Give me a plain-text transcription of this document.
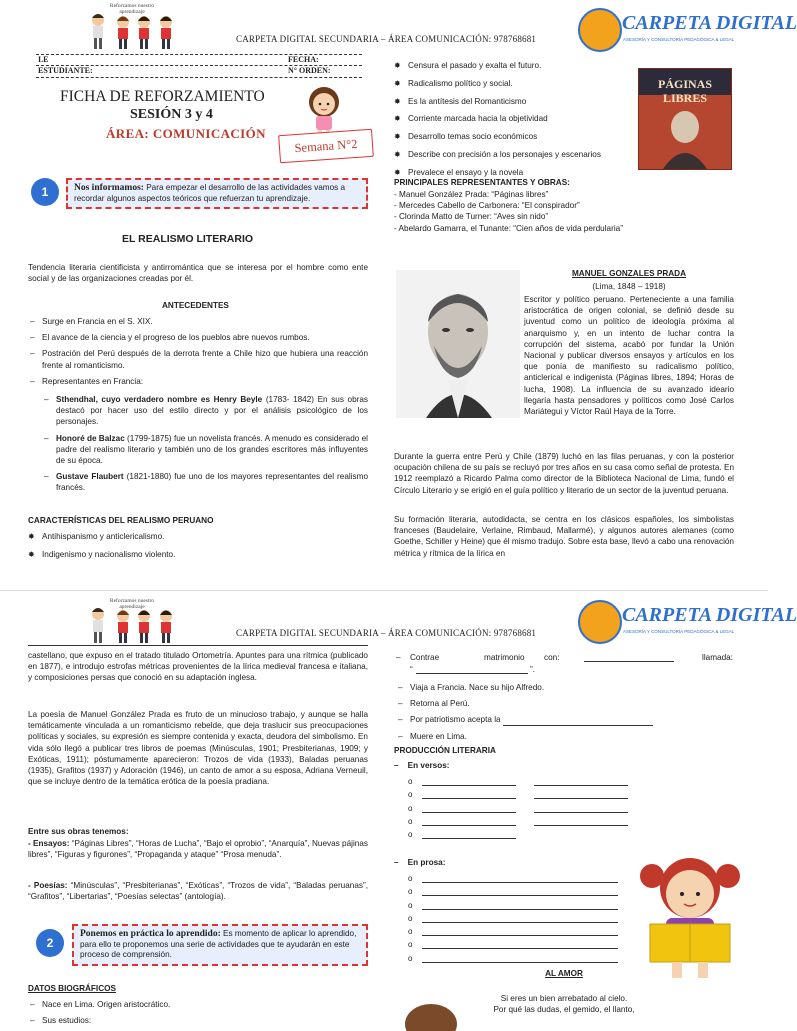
Reforzamos nuestro
aprendizaje
CARPETA DIGITAL SECUNDARIA – ÁREA COMUNICACIÓN: 978768681
CARPETA DIGITAL
ASESORÍA Y CONSULTORÍA PEDAGÓGICA & LEGAL
I.E	FECHA:
ESTUDIANTE:	N° ORDEN:
FICHA DE REFORZAMIENTO
SESIÓN 3 y 4
ÁREA: COMUNICACIÓN
Semana N°2
1	Nos informamos: Para empezar el desarrollo de las actividades vamos a recordar algunos aspectos teóricos que refuerzan tu aprendizaje.
EL REALISMO LITERARIO
Tendencia literaria cientificista y antirromántica que se interesa por el hombre como ente social y de las organizaciones creadas por él.
ANTECEDENTES
– Surge en Francia en el S. XIX.
– El avance de la ciencia y el progreso de los pueblos abre nuevos rumbos.
– Postración del Perú después de la derrota frente a Chile hizo que hubiera una reacción frente al romanticismo.
– Representantes en Francia:
– Sthendhal, cuyo verdadero nombre es Henry Beyle (1783- 1842) En sus obras destacó por hacer uso del estilo directo y por el análisis psicológico de los personajes.
– Honoré de Balzac (1799-1875) fue un novelista francés. A menudo es considerado el padre del realismo literario y también uno de los grandes escritores más influyentes de su época.
– Gustave Flaubert (1821-1880) fue uno de los mayores representantes del realismo francés.
CARACTERÍSTICAS DEL REALISMO PERUANO
✸ Antihispanismo y anticlericalismo.
✸ Indigenismo y nacionalismo violento.
✸ Censura el pasado y exalta el futuro.
✸ Radicalismo político y social.
✸ Es la antítesis del Romanticismo
✸ Corriente marcada hacia la objetividad
✸ Desarrollo temas socio económicos
✸ Describe con precisión a los personajes y escenarios
✸ Prevalece el ensayo y la novela
PÁGINAS LIBRES
PRINCIPALES REPRESENTANTES Y OBRAS:
- Manuel González Prada: “Páginas libres”
- Mercedes Cabello de Carbonera: “El conspirador”
- Clorinda Matto de Turner: “Aves sin nido”
- Abelardo Gamarra, el Tunante: “Cien años de vida perdularia”
MANUEL GONZALES PRADA
(Lima, 1848 – 1918)
Escritor y político peruano. Perteneciente a una familia aristocrática de origen colonial, se definió desde su juventud como un político de ideología próxima al anarquismo y, en un intento de luchar contra la corrupción del sistema, acabó por fundar la Unión Nacional y publicar diversos ensayos y artículos en los que ponía de manifiesto su radicalismo político, anticlerical e indigenista (Páginas libres, 1894; Horas de lucha, 1908). La influencia de su avanzado ideario llegaría hasta pensadores y políticos como José Carlos Mariátegui y Víctor Raúl Haya de la Torre.
Durante la guerra entre Perú y Chile (1879) luchó en las filas peruanas, y con la posterior ocupación chilena de su país se recluyó por tres años en su casa como señal de protesta. En 1912 reemplazó a Ricardo Palma como director de la Biblioteca Nacional de Lima, fundó el Círculo Literario y se erigió en el guía político y literario de un sector de la juventud peruana.
Su formación literaria, autodidacta, se centra en los clásicos españoles, los simbolistas franceses (Baudelaire, Verlaine, Rimbaud, Mallarmé), y algunos autores alemanes (como Goethe, Schiller y Heine) que él mismo tradujo. Sobre esta base, llevó a cabo una renovación métrica y rítmica de la lírica en
Reforzamos nuestro
aprendizaje
CARPETA DIGITAL SECUNDARIA – ÁREA COMUNICACIÓN: 978768681
CARPETA DIGITAL
ASESORÍA Y CONSULTORÍA PEDAGÓGICA & LEGAL
castellano, que expuso en el tratado titulado Ortometría. Apuntes para una rítmica (publicado en 1877), e introdujo estrofas métricas provenientes de la lírica medieval francesa e italiana, y composiciones persas que conoció en su adaptación inglesa.
La poesía de Manuel González Prada es fruto de un minucioso trabajo, y aunque se halla temáticamente vinculada a un romanticismo rebelde, que deja traslucir sus preocupaciones políticas y sociales, su expresión es siempre contenida y exacta, deudora del simbolismo. En vida sólo llegó a publicar tres libros de poemas (Minúsculas, 1901; Presbiterianas, 1909; y Exóticas, 1911); póstumamente aparecieron: Trozos de vida (1933), Baladas peruanas (1935), Grafitos (1937) y Adoración (1946), un canto de amor a su esposa, Adriana Verneuil, que se incluye dentro de la temática erótica de la poesía pradiana.
Entre sus obras tenemos:
- Ensayos: “Páginas Libres”, “Horas de Lucha”, “Bajo el oprobio”, “Anarquía”, Nuevas pájinas libres”, “Figuras y figurones”, “Propaganda y ataque” “Prosa menuda”.
- Poesías: “Minúsculas”, “Presbiterianas”, “Exóticas”, “Trozos de vida”, “Baladas peruanas”, “Grafitos”, “Libertarias”, “Poesías selectas” (antología).
2
Ponemos en práctica lo aprendido: Es momento de aplicar lo aprendido, para ello te proponemos una serie de actividades que te ayudarán en este proceso de comprensión.
DATOS BIOGRÁFICOS
– Nace en Lima. Origen aristocrático.
– Sus estudios:
– Contrae	matrimonio con:	llamada:
“	”.
– Viaja a Francia. Nace su hijo Alfredo.
– Retorna al Perú.
– Por patriotismo acepta la
– Muere en Lima.
PRODUCCIÓN LITERARIA
–    En versos:
o
o
o
o
o
–    En prosa:
o
o
o
o
o
o
o
AL AMOR
Si eres un bien arrebatado al cielo.
Por qué las dudas, el gemido, el llanto,
